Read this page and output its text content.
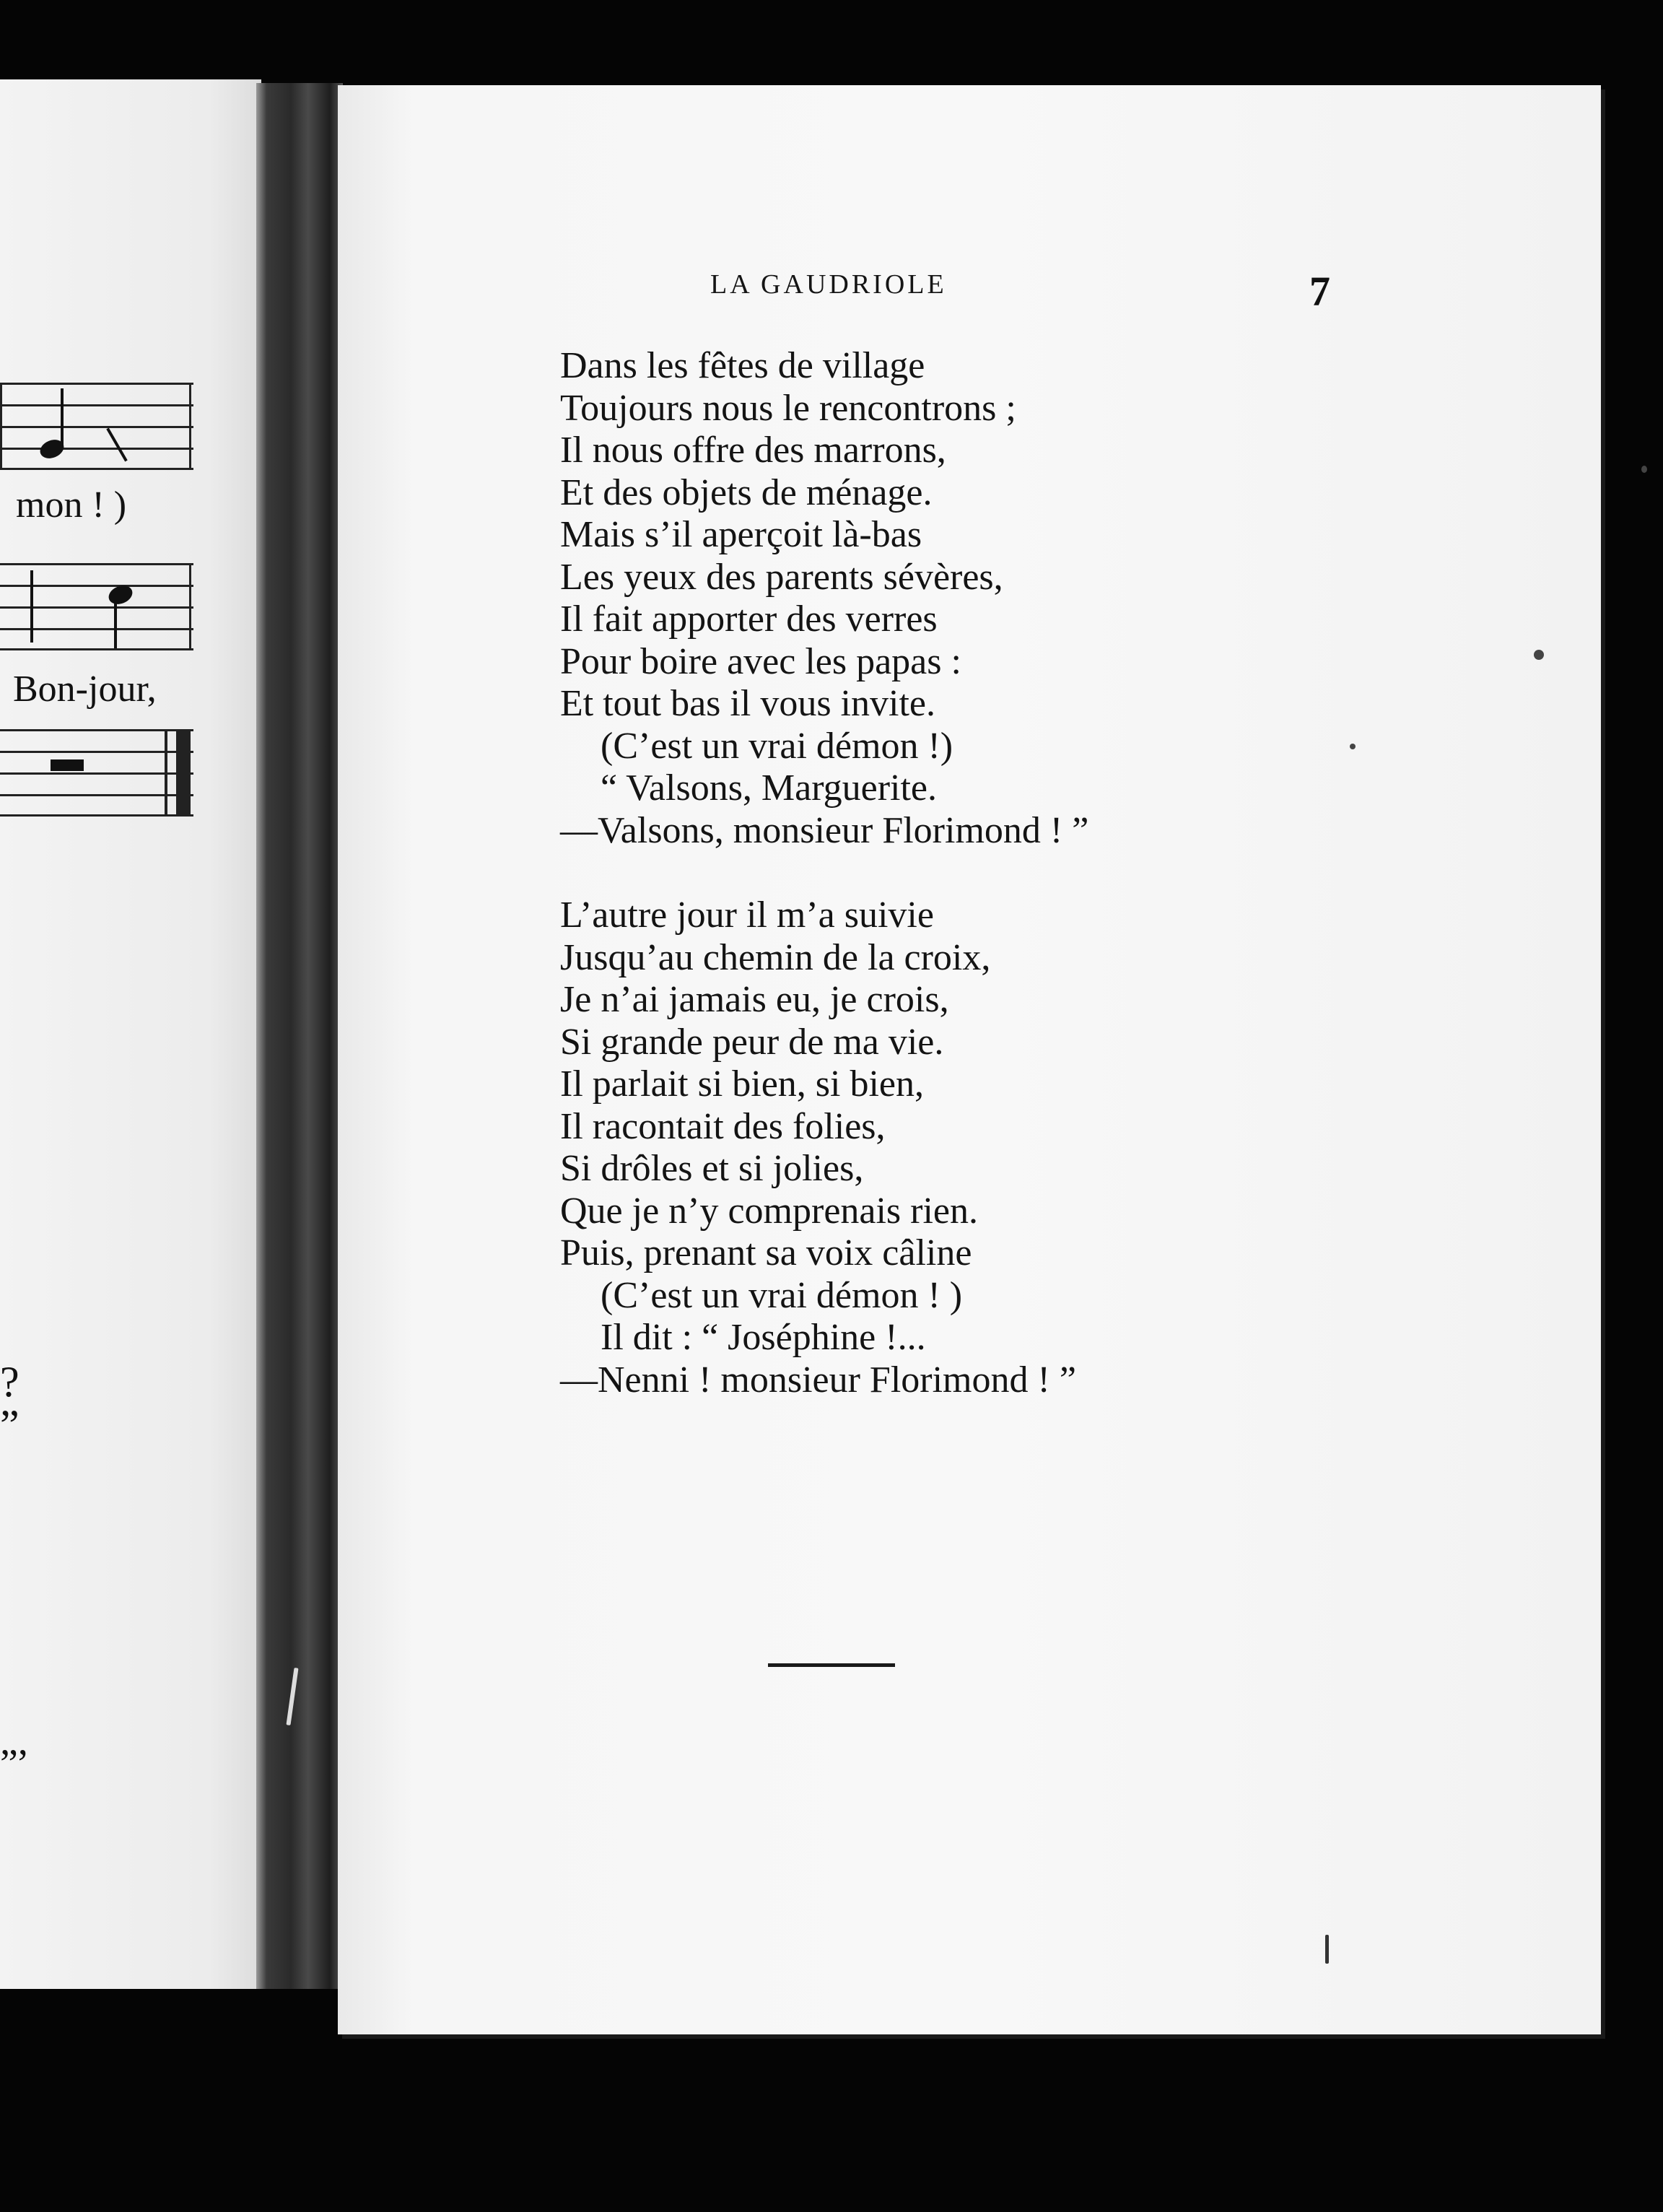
mon ! )
Bon-jour,
?
”
„,
LA GAUDRIOLE	7
Dans les fêtes de village
Toujours nous le rencontrons ;
Il nous offre des marrons,
Et des objets de ménage.
Mais s’il aperçoit là-bas
Les yeux des parents sévères,
Il fait apporter des verres
Pour boire avec les papas :
Et tout bas il vous invite.
(C’est un vrai démon !)
“ Valsons, Marguerite.
—Valsons, monsieur Florimond ! ”
L’autre jour il m’a suivie
Jusqu’au chemin de la croix,
Je n’ai jamais eu, je crois,
Si grande peur de ma vie.
Il parlait si bien, si bien,
Il racontait des folies,
Si drôles et si jolies,
Que je n’y comprenais rien.
Puis, prenant sa voix câline
(C’est un vrai démon ! )
Il dit : “ Joséphine !...
—Nenni ! monsieur Florimond ! ”
